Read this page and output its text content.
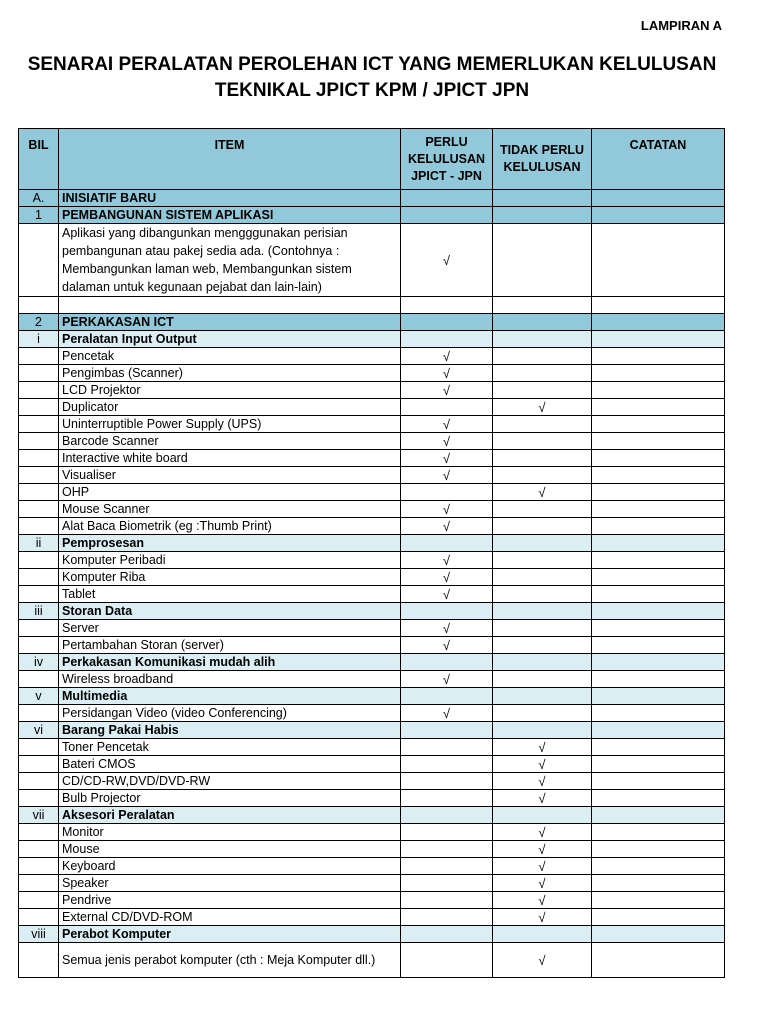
LAMPIRAN A
SENARAI PERALATAN PEROLEHAN ICT YANG MEMERLUKAN KELULUSAN
TEKNIKAL JPICT KPM / JPICT JPN
BIL	ITEM	PERLU KELULUSAN JPICT - JPN	TIDAK PERLU KELULUSAN	CATATAN
A.	INISIATIF BARU			
1	PEMBANGUNAN SISTEM APLIKASI			
	Aplikasi yang dibangunkan mengggunakan perisian pembangunan atau pakej sedia ada. (Contohnya : Membangunkan laman web, Membangunkan sistem dalaman untuk kegunaan pejabat dan lain-lain)	√		

2	PERKAKASAN ICT			
i	Peralatan Input Output			
	Pencetak	√		
	Pengimbas (Scanner)	√		
	LCD Projektor	√		
	Duplicator		√	
	Uninterruptible Power Supply (UPS)	√		
	Barcode Scanner	√		
	Interactive white board	√		
	Visualiser	√		
	OHP		√	
	Mouse Scanner	√		
	Alat Baca Biometrik (eg :Thumb Print)	√		
ii	Pemprosesan			
	Komputer Peribadi	√		
	Komputer Riba	√		
	Tablet	√		
iii	Storan Data			
	Server	√		
	Pertambahan Storan (server)	√		
iv	Perkakasan Komunikasi mudah alih			
	Wireless broadband	√		
v	Multimedia			
	Persidangan Video (video Conferencing)	√		
vi	Barang Pakai Habis			
	Toner Pencetak		√	
	Bateri CMOS		√	
	CD/CD-RW,DVD/DVD-RW		√	
	Bulb Projector		√	
vii	Aksesori Peralatan			
	Monitor		√	
	Mouse		√	
	Keyboard		√	
	Speaker		√	
	Pendrive		√	
	External CD/DVD-ROM		√	
viii	Perabot Komputer			
	Semua jenis perabot komputer (cth : Meja Komputer dll.)		√	
